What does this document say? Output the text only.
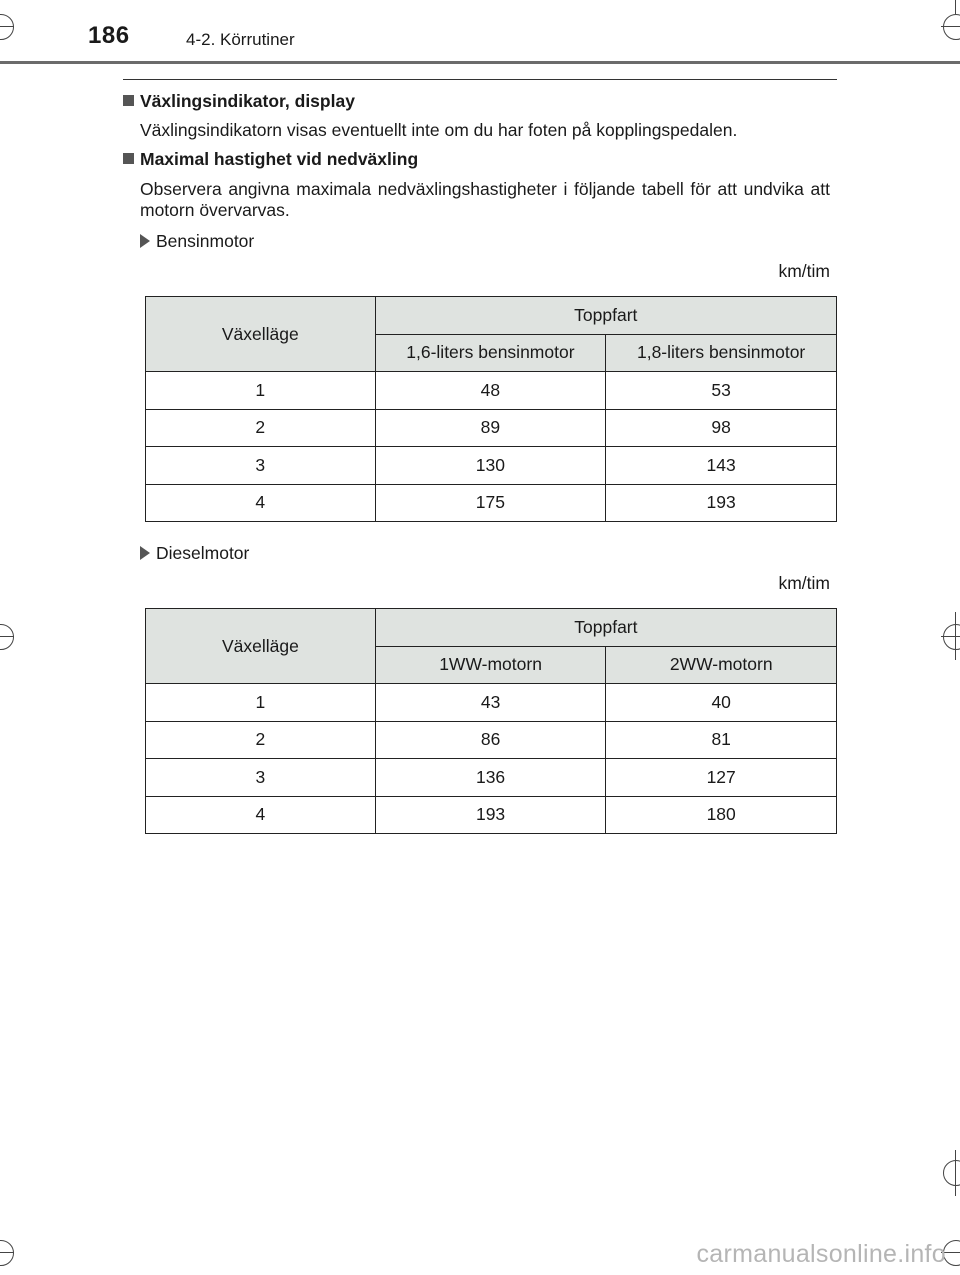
186	4-2. Körrutiner
Växlingsindikator, display
Växlingsindikatorn visas eventuellt inte om du har foten på kopplingspedalen.
Maximal hastighet vid nedväxling
Observera angivna maximala nedväxlingshastigheter i följande tabell för att undvika att motorn övervarvas.
Bensinmotor
km/tim
Växelläge	Toppfart	
	1,6-liters bensinmotor	1,8-liters bensinmotor
1	48	53
2	89	98
3	130	143
4	175	193
Dieselmotor
km/tim
Växelläge	Toppfart	
	1WW-motorn	2WW-motorn
1	43	40
2	86	81
3	136	127
4	193	180
carmanualsonline.info
